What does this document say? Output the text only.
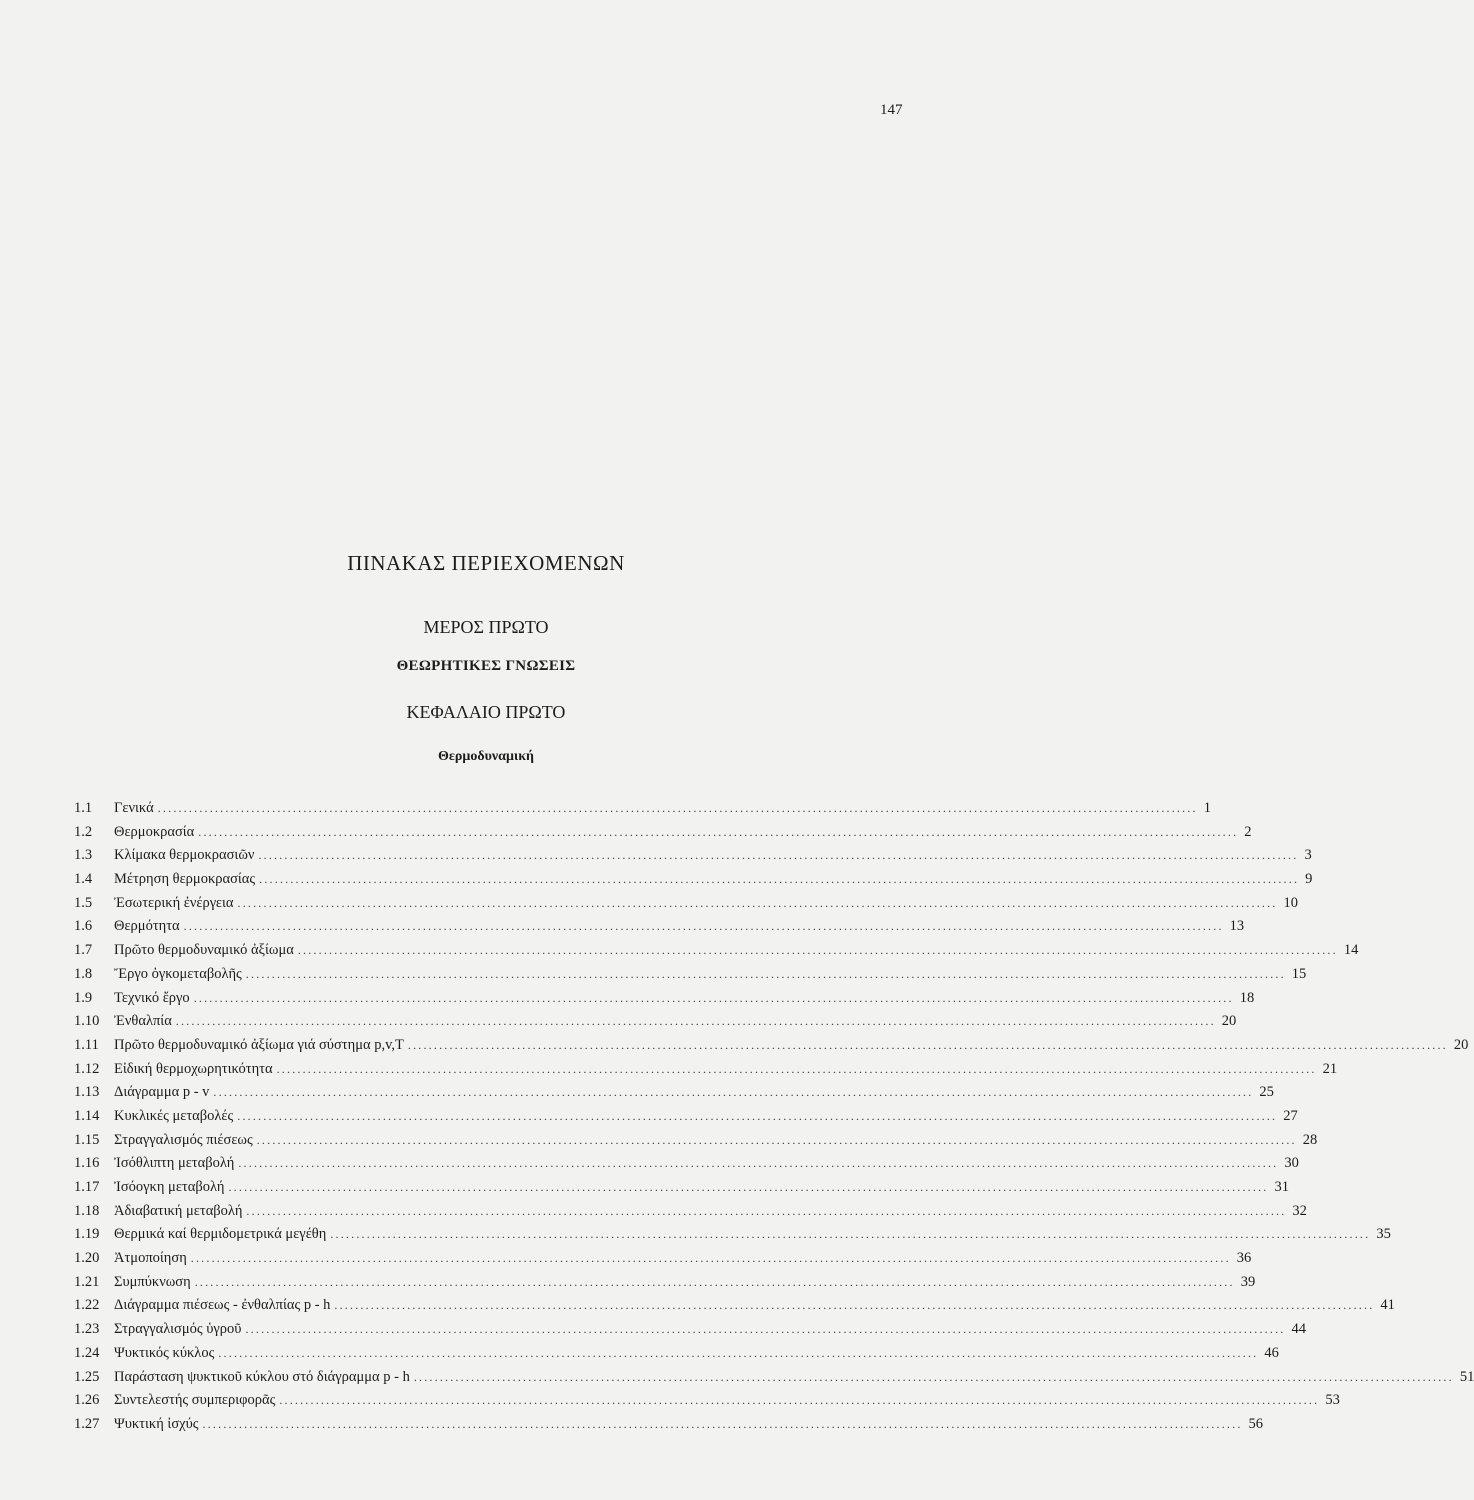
147
ΠΙΝΑΚΑΣ ΠΕΡΙΕΧΟΜΕΝΩΝ
ΜΕΡΟΣ ΠΡΩΤΟ
ΘΕΩΡΗΤΙΚΕΣ ΓΝΩΣΕΙΣ
ΚΕΦΑΛΑΙΟ ΠΡΩΤΟ
Θερμοδυναμική
1.1	Γενικά ........................................................................................................................................................................................................ 1
1.2	Θερμοκρασία ........................................................................................................................................................................................................ 2
1.3	Κλίμακα θερμοκρασιῶν ........................................................................................................................................................................................................ 3
1.4	Μέτρηση θερμοκρασίας ........................................................................................................................................................................................................ 9
1.5	Ἐσωτερική ἐνέργεια ........................................................................................................................................................................................................ 10
1.6	Θερμότητα ........................................................................................................................................................................................................ 13
1.7	Πρῶτο θερμοδυναμικό ἀξίωμα ........................................................................................................................................................................................................ 14
1.8	Ἔργο ὀγκομεταβολῆς ........................................................................................................................................................................................................ 15
1.9	Τεχνικό ἔργο ........................................................................................................................................................................................................ 18
1.10	Ἐνθαλπία ........................................................................................................................................................................................................ 20
1.11	Πρῶτο θερμοδυναμικό ἀξίωμα γιά σύστημα p,v,T ........................................................................................................................................................................................................ 20
1.12	Εἰδική θερμοχωρητικότητα ........................................................................................................................................................................................................ 21
1.13	Διάγραμμα p - v ........................................................................................................................................................................................................ 25
1.14	Κυκλικές μεταβολές ........................................................................................................................................................................................................ 27
1.15	Στραγγαλισμός πιέσεως ........................................................................................................................................................................................................ 28
1.16	Ἰσόθλιπτη μεταβολή ........................................................................................................................................................................................................ 30
1.17	Ἰσόογκη μεταβολή ........................................................................................................................................................................................................ 31
1.18	Ἀδιαβατική μεταβολή ........................................................................................................................................................................................................ 32
1.19	Θερμικά καί θερμιδομετρικά μεγέθη ........................................................................................................................................................................................................ 35
1.20	Ἀτμοποίηση ........................................................................................................................................................................................................ 36
1.21	Συμπύκνωση ........................................................................................................................................................................................................ 39
1.22	Διάγραμμα πιέσεως - ἐνθαλπίας p - h ........................................................................................................................................................................................................ 41
1.23	Στραγγαλισμός ὑγροῦ ........................................................................................................................................................................................................ 44
1.24	Ψυκτικός κύκλος ........................................................................................................................................................................................................ 46
1.25	Παράσταση ψυκτικοῦ κύκλου στό διάγραμμα p - h ........................................................................................................................................................................................................ 51
1.26	Συντελεστής συμπεριφορᾶς ........................................................................................................................................................................................................ 53
1.27	Ψυκτική ἰσχύς ........................................................................................................................................................................................................ 56
